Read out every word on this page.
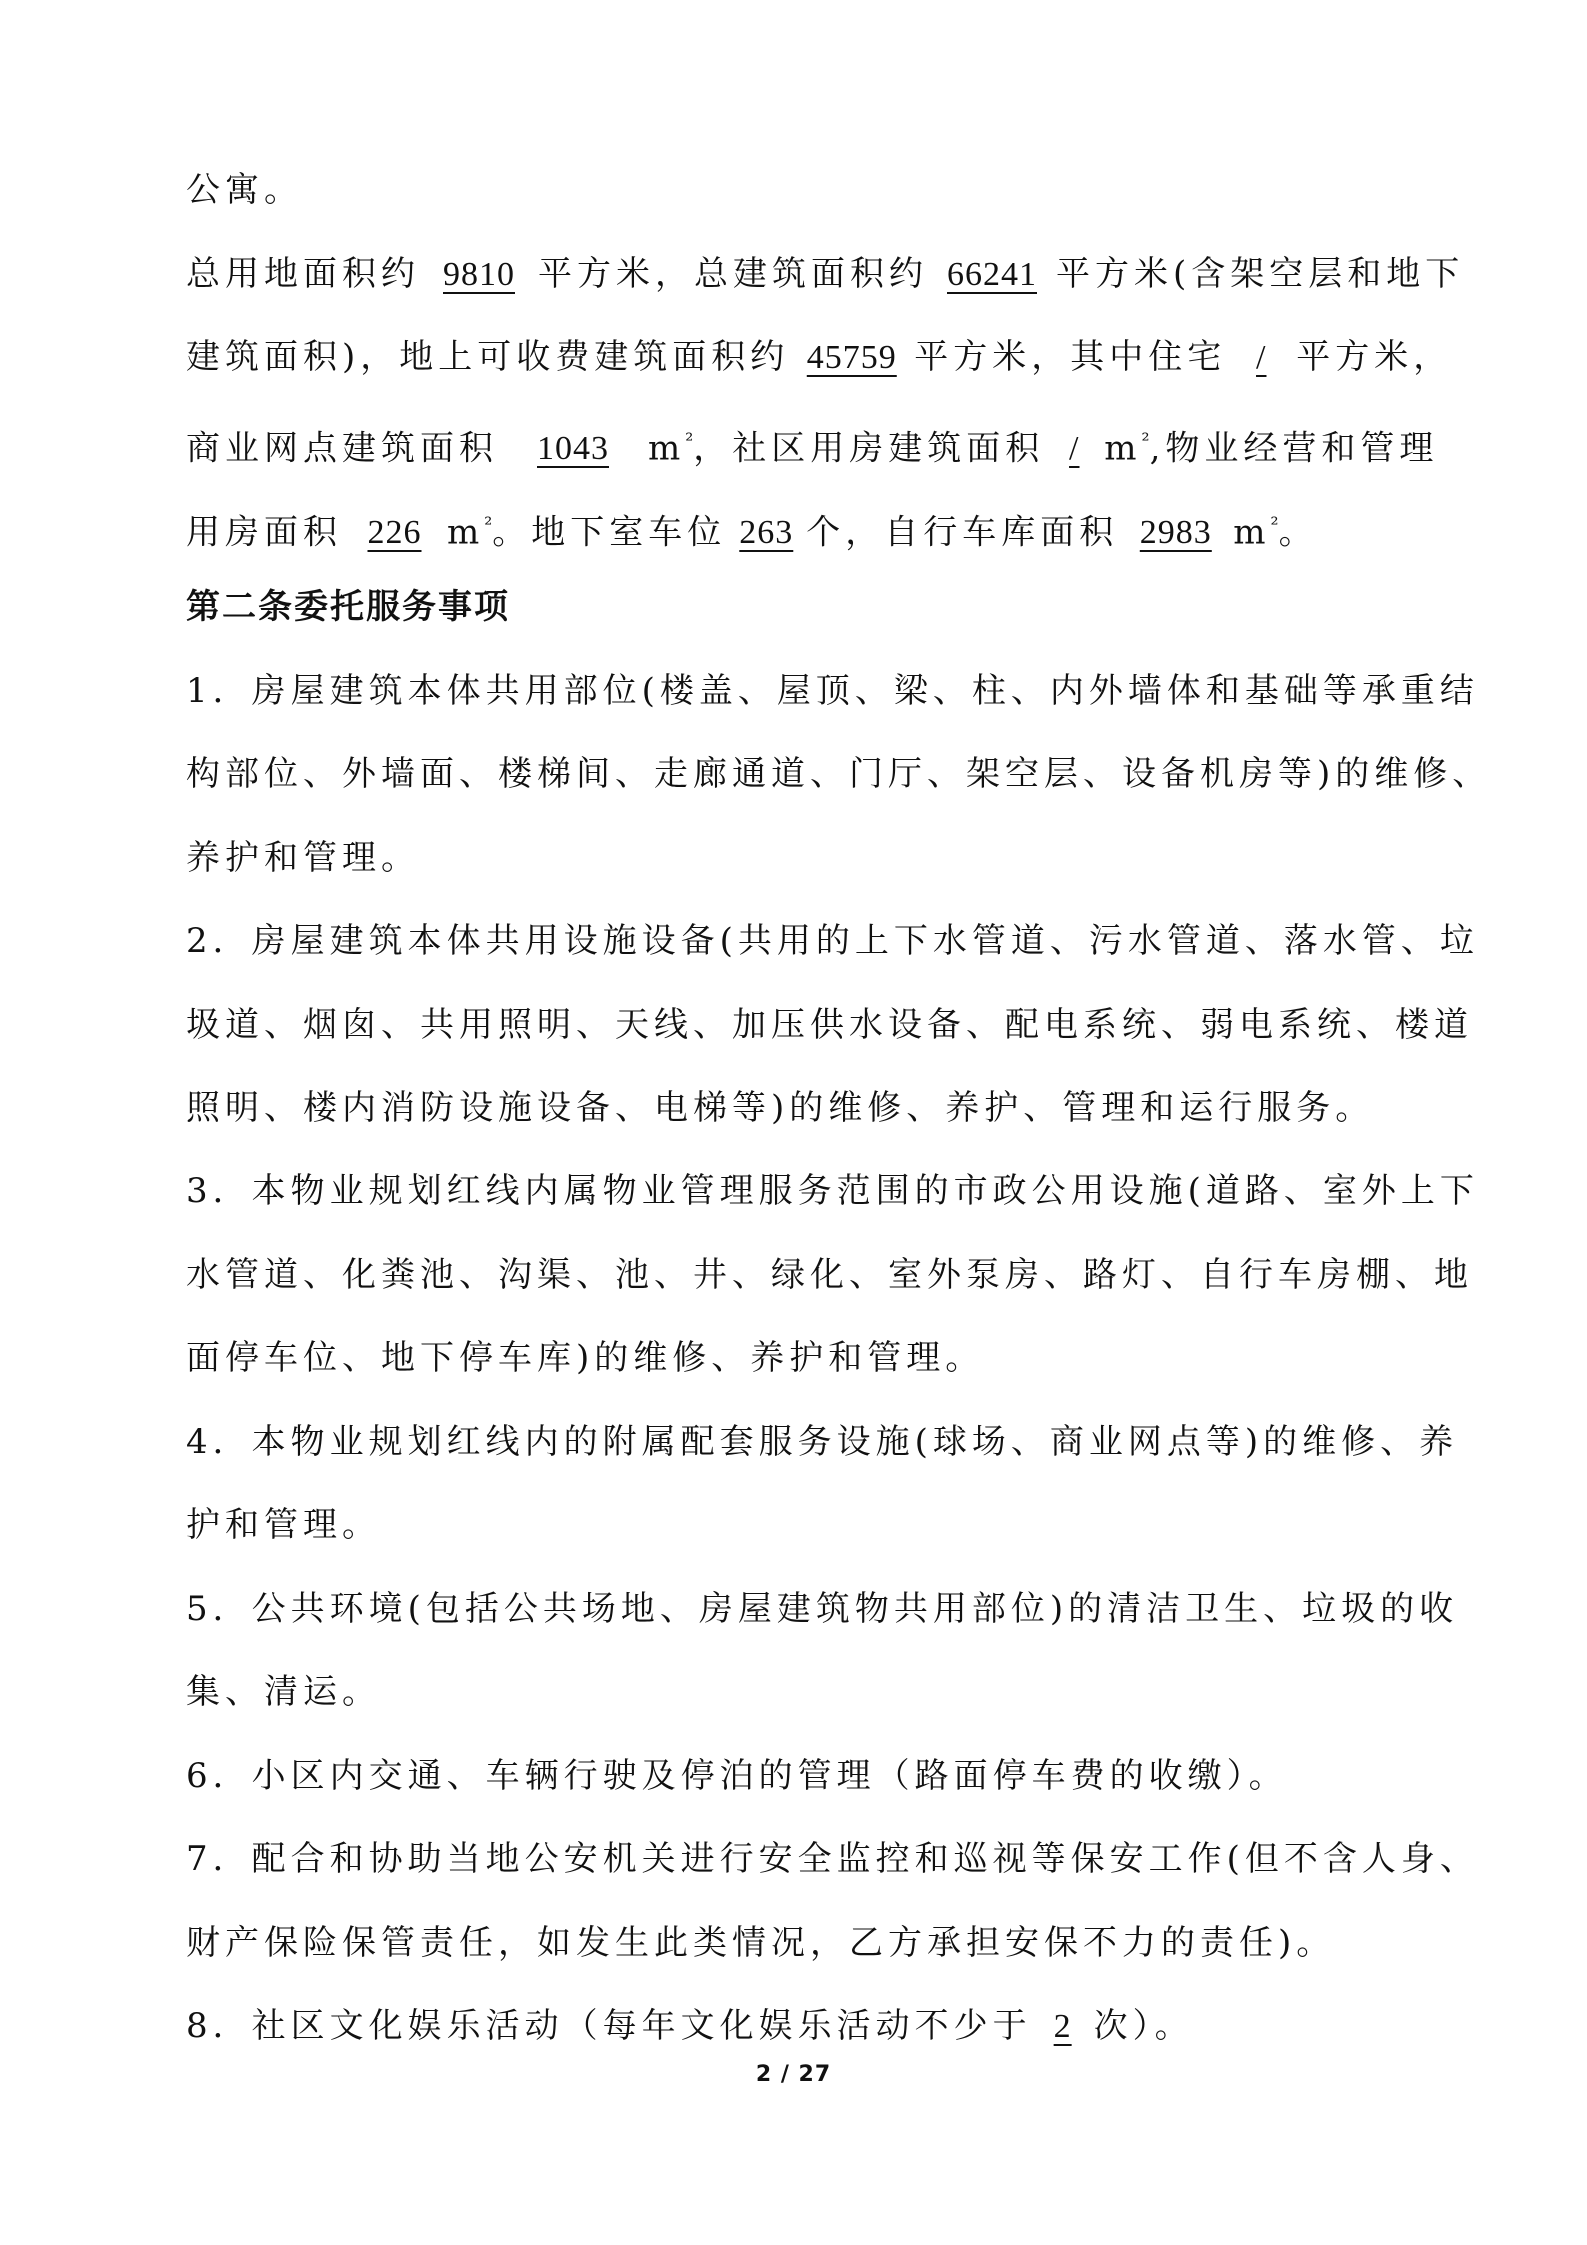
公寓。
总用地面积约 9810 平方米，总建筑面积约 66241 平方米(含架空层和地下
建筑面积)，地上可收费建筑面积约 45759 平方米，其中住宅 / 平方米，
商业网点建筑面积 1043 $m^{^2}$，社区用房建筑面积 / $m^{^2}$,物业经营和管理
用房面积 226 $m^{^2}$。地下室车位 263 个，自行车库面积 2983 $m^{^2}$。
第二条委托服务事项
1．房屋建筑本体共用部位(楼盖、屋顶、梁、柱、内外墙体和基础等承重结
构部位、外墙面、楼梯间、走廊通道、门厅、架空层、设备机房等)的维修、
养护和管理。
2．房屋建筑本体共用设施设备(共用的上下水管道、污水管道、落水管、垃
圾道、烟囱、共用照明、天线、加压供水设备、配电系统、弱电系统、楼道
照明、楼内消防设施设备、电梯等)的维修、养护、管理和运行服务。
3．本物业规划红线内属物业管理服务范围的市政公用设施(道路、室外上下
水管道、化粪池、沟渠、池、井、绿化、室外泵房、路灯、自行车房棚、地
面停车位、地下停车库)的维修、养护和管理。
4．本物业规划红线内的附属配套服务设施(球场、商业网点等)的维修、养
护和管理。
5．公共环境(包括公共场地、房屋建筑物共用部位)的清洁卫生、垃圾的收
集、清运。
6．小区内交通、车辆行驶及停泊的管理（路面停车费的收缴）。
7．配合和协助当地公安机关进行安全监控和巡视等保安工作(但不含人身、
财产保险保管责任，如发生此类情况，乙方承担安保不力的责任)。
8．社区文化娱乐活动（每年文化娱乐活动不少于 2 次）。
2 / 27
